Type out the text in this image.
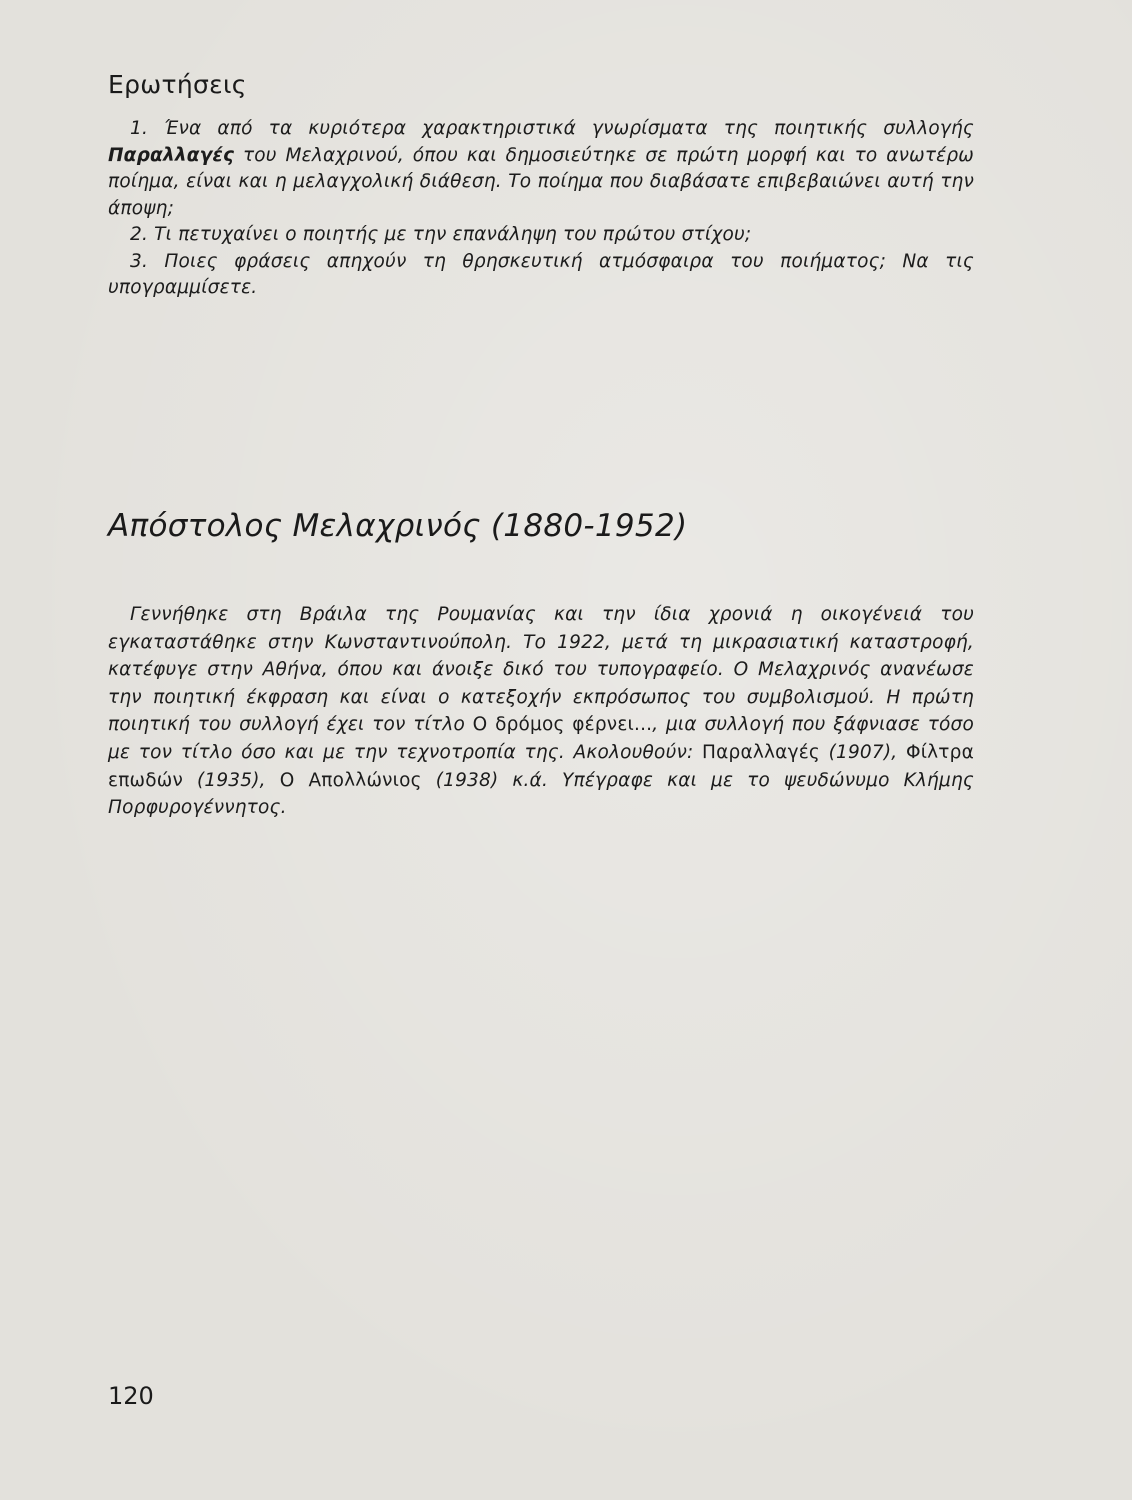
Ερωτήσεις

1. Ένα από τα κυριότερα χαρακτηριστικά γνωρίσματα της ποιητικής συλλογής Παραλλαγές του Μελαχρινού, όπου και δημοσιεύτηκε σε πρώτη μορφή και το ανωτέρω ποίημα, είναι και η μελαγχολική διάθεση. Το ποίημα που διαβάσατε επιβεβαιώνει αυτή την άποψη;

2. Τι πετυχαίνει ο ποιητής με την επανάληψη του πρώτου στίχου;

3. Ποιες φράσεις απηχούν τη θρησκευτική ατμόσφαιρα του ποιήματος; Να τις υπογραμμίσετε.

Απόστολος Μελαχρινός (1880-1952)

Γεννήθηκε στη Βράιλα της Ρουμανίας και την ίδια χρονιά η οικογένειά του εγκαταστάθηκε στην Κωνσταντινούπολη. Το 1922, μετά τη μικρασιατική καταστροφή, κατέφυγε στην Αθήνα, όπου και άνοιξε δικό του τυπογραφείο. Ο Μελαχρινός ανανέωσε την ποιητική έκφραση και είναι ο κατεξοχήν εκπρόσωπος του συμβολισμού. Η πρώτη ποιητική του συλλογή έχει τον τίτλο Ο δρόμος φέρνει..., μια συλλογή που ξάφνιασε τόσο με τον τίτλο όσο και με την τεχνοτροπία της. Ακολουθούν: Παραλλαγές (1907), Φίλτρα επωδών (1935), Ο Απολλώνιος (1938) κ.ά. Υπέγραφε και με το ψευδώνυμο Κλήμης Πορφυρογέννητος.

120
